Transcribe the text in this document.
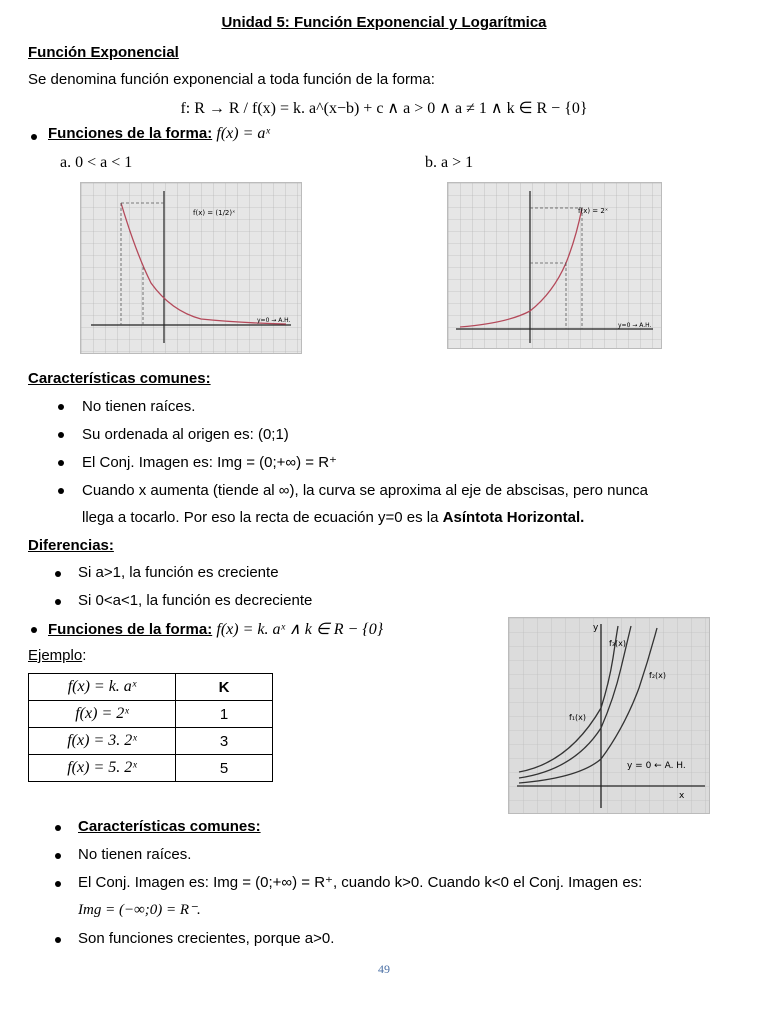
Unidad 5: Función Exponencial y Logarítmica
Función Exponencial
Se denomina función exponencial a toda función de la forma:
f: R → R / f(x) = k. a^(x−b) + c ∧ a > 0 ∧ a ≠ 1 ∧ k ∈ R − {0}
Funciones de la forma: f(x) = aˣ
a. 0 < a < 1	b. a > 1
f(x) = (1/2)ˣ
y=0 → A.H.
f(x) = 2ˣ
y=0 → A.H.
Características comunes:
No tienen raíces.
Su ordenada al origen es: (0;1)
El Conj. Imagen es: Img = (0;+∞) = R⁺
Cuando x aumenta (tiende al ∞), la curva se aproxima al eje de abscisas, pero nunca
llega a tocarlo. Por eso la recta de ecuación y=0 es la Asíntota Horizontal.
Diferencias:
Si a>1, la función es creciente
Si 0<a<1, la función es decreciente
Funciones de la forma: f(x) = k. aˣ ∧ k ∈ R − {0}
Ejemplo:
f(x) = k. aˣ	K
f(x) = 2ˣ	1
f(x) = 3. 2ˣ	3
f(x) = 5. 2ˣ	5
y
x
f₃(x)
f₂(x)
f₁(x)
y = 0 ← A. H.
Características comunes:
No tienen raíces.
El Conj. Imagen es: Img = (0;+∞) = R⁺, cuando k>0. Cuando k<0 el Conj. Imagen es:
Img = (−∞;0) = R⁻.
Son funciones crecientes, porque a>0.
49
